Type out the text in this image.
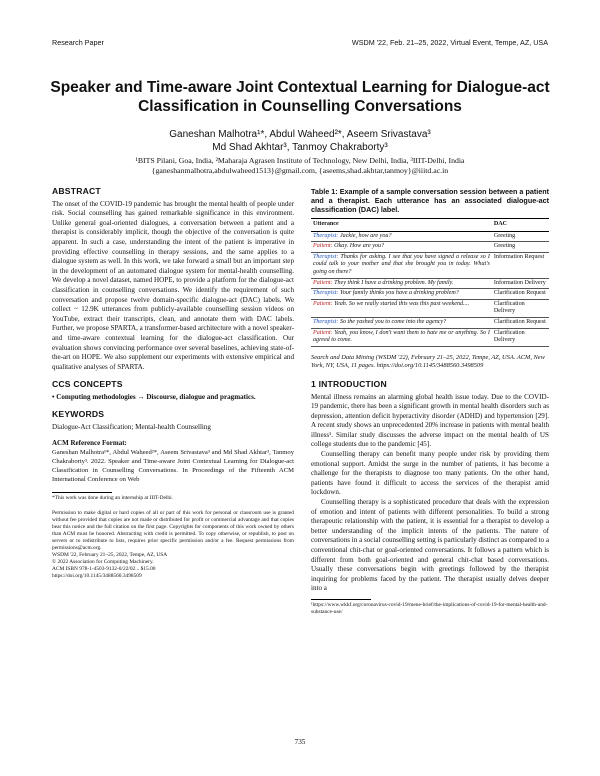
Research Paper	WSDM '22, Feb. 21–25, 2022, Virtual Event, Tempe, AZ, USA
Speaker and Time-aware Joint Contextual Learning for Dialogue-act Classification in Counselling Conversations
Ganeshan Malhotra¹*, Abdul Waheed²*, Aseem Srivastava³
Md Shad Akhtar³, Tanmoy Chakraborty³
¹BITS Pilani, Goa, India, ²Maharaja Agrasen Institute of Technology, New Delhi, India, ³IIIT-Delhi, India
{ganeshanmalhotra,abdulwaheed1513}@gmail.com, {aseems,shad.akhtar,tanmoy}@iiitd.ac.in
ABSTRACT

The onset of the COVID-19 pandemic has brought the mental health of people under risk. Social counselling has gained remarkable significance in this environment. Unlike general goal-oriented dialogues, a conversation between a patient and a therapist is considerably implicit, though the objective of the conversation is quite apparent. In such a case, understanding the intent of the patient is imperative in providing effective counselling in therapy sessions, and the same applies to a dialogue system as well. In this work, we take forward a small but an important step in the development of an automated dialogue system for mental-health counselling. We develop a novel dataset, named HOPE, to provide a platform for the dialogue-act classification in counselling conversations. We identify the requirement of such conversation and propose twelve domain-specific dialogue-act (DAC) labels. We collect ~ 12.9K utterances from publicly-available counselling session videos on YouTube, extract their transcripts, clean, and annotate them with DAC labels. Further, we propose SPARTA, a transformer-based architecture with a novel speaker- and time-aware contextual learning for the dialogue-act classification. Our evaluation shows convincing performance over several baselines, achieving state-of-the-art on HOPE. We also supplement our experiments with extensive empirical and qualitative analyses of SPARTA.

CCS CONCEPTS

• Computing methodologies → Discourse, dialogue and pragmatics.

KEYWORDS

Dialogue-Act Classification; Mental-health Counselling

ACM Reference Format:

Ganeshan Malhotra¹*, Abdul Waheed²*, Aseem Srivastava³ and Md Shad Akhtar³, Tanmoy Chakraborty³. 2022. Speaker and Time-aware Joint Contextual Learning for Dialogue-act Classification in Counselling Conversations. In Proceedings of the Fifteenth ACM International Conference on Web

*This work was done during an internship at IIIT-Delhi.

Permission to make digital or hard copies of all or part of this work for personal or classroom use is granted without fee provided that copies are not made or distributed for profit or commercial advantage and that copies bear this notice and the full citation on the first page. Copyrights for components of this work owned by others than ACM must be honored. Abstracting with credit is permitted. To copy otherwise, or republish, to post on servers or to redistribute to lists, requires prior specific permission and/or a fee. Request permissions from permissions@acm.org.

WSDM '22, February 21–25, 2022, Tempe, AZ, USA

© 2022 Association for Computing Machinery.

ACM ISBN 978-1-4503-9132-0/22/02... $15.00

https://doi.org/10.1145/3488560.3498509

Table 1: Example of a sample conversation session between a patient and a therapist. Each utterance has an associated dialogue-act classification (DAC) label.
Utterance	DAC
Therapist: Jackie, how are you?	Greeting
Patient: Okay. How are you?	Greeting
Therapist: Thanks for asking. I see that you have signed a release so I could talk to your mother and that she brought you in today. What's going on there?	Information Request
Patient: They think I have a drinking problem. My family.	Information Delivery
Therapist: Your family thinks you have a drinking problem?	Clarification Request
Patient: Yeah. So we really started this was this past weekend....	Clarification Delivery
Therapist: So the yashed you to come into the agency?	Clarification Request
Patient: Yeah, you know, I don't want them to hate me or anything. So I agreed to come.	Clarification Delivery

Search and Data Mining (WSDM '22), February 21–25, 2022, Tempe, AZ, USA. ACM, New York, NY, USA, 11 pages. https://doi.org/10.1145/3488560.3498509

1 INTRODUCTION

Mental illness remains an alarming global health issue today. Due to the COVID-19 pandemic, there has been a significant growth in mental health disorders such as depression, attention deficit hyperactivity disorder (ADHD) and hypertension [29]. A recent study shows an unprecedented 20% increase in patients with mental health illness¹. Similar study discusses the adverse impact on the mental health of US college students due to the pandemic [45].

Counselling therapy can benefit many people under risk by providing them emotional support. Amidst the surge in the number of patients, it has become a challenge for the therapists to diagnose too many patients. On the other hand, patients have found it difficult to access the services of the therapist amid lockdown.

Counselling therapy is a sophisticated procedure that deals with the expression of emotion and intent of patients with different personalities. To build a strong therapeutic relationship with the patient, it is essential for a therapist to develop a better understanding of the implicit intents of the patients. The nature of conversations in a social counselling setting is particularly distinct as compared to a conventional chit-chat or goal-oriented conversations. It follows a pattern which is different from both goal-oriented and general chit-chat based conversations. Usually these conversations begin with greetings followed by the therapist inquiring for problems faced by the patient. The therapist usually delves deeper into a

¹https://www.wkkf.org/coronavirus-covid-19/mene-brief/the-implications-of-covid-19-for-mental-health-and-substance-use/

735
